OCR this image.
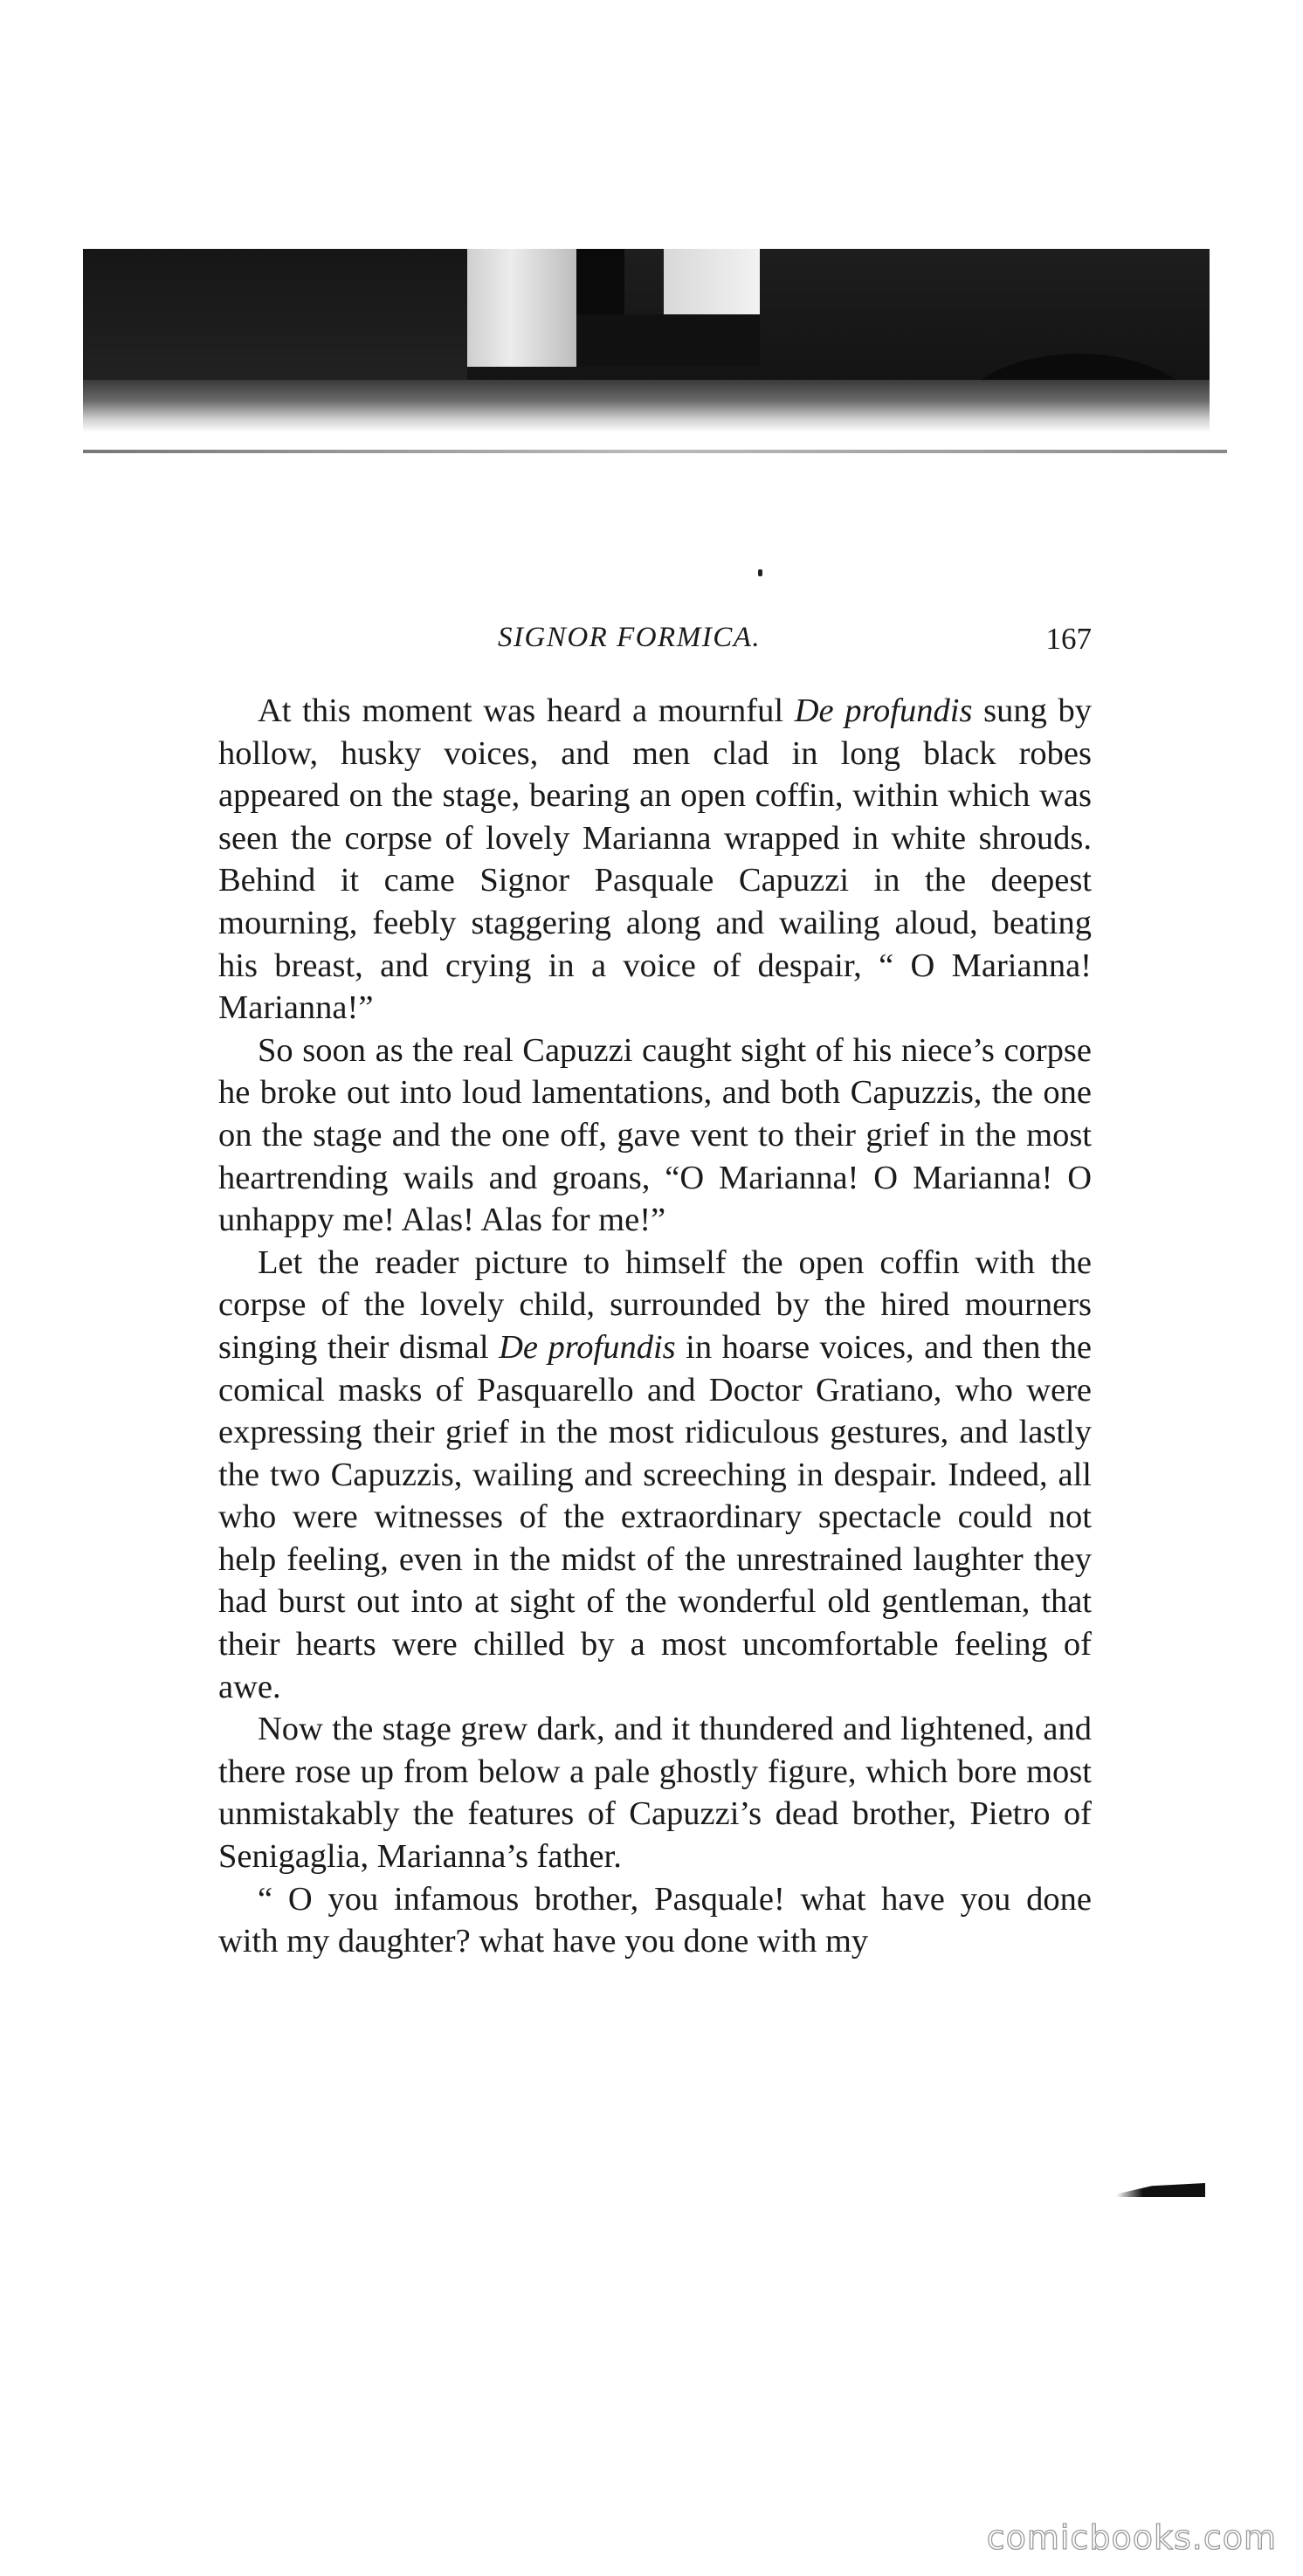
SIGNOR FORMICA.	167

At this moment was heard a mournful De profundis sung by hollow, husky voices, and men clad in long black robes appeared on the stage, bearing an open coffin, within which was seen the corpse of lovely Marianna wrapped in white shrouds. Behind it came Signor Pasquale Capuzzi in the deepest mourning, feebly staggering along and wailing aloud, beating his breast, and crying in a voice of despair, “ O Marianna! Marianna!”

So soon as the real Capuzzi caught sight of his niece’s corpse he broke out into loud lamentations, and both Capuzzis, the one on the stage and the one off, gave vent to their grief in the most heartrending wails and groans, “O Marianna! O Marianna! O unhappy me! Alas! Alas for me!”

Let the reader picture to himself the open coffin with the corpse of the lovely child, surrounded by the hired mourners singing their dismal De profundis in hoarse voices, and then the comical masks of Pasquarello and Doctor Gratiano, who were expressing their grief in the most ridiculous gestures, and lastly the two Capuzzis, wailing and screeching in despair. Indeed, all who were witnesses of the extraordinary spectacle could not help feeling, even in the midst of the unrestrained laughter they had burst out into at sight of the wonderful old gentleman, that their hearts were chilled by a most uncomfortable feeling of awe.

Now the stage grew dark, and it thundered and lightened, and there rose up from below a pale ghostly figure, which bore most unmistakably the features of Capuzzi’s dead brother, Pietro of Senigaglia, Marianna’s father.

“ O you infamous brother, Pasquale! what have you done with my daughter? what have you done with my

comicbooks.com
